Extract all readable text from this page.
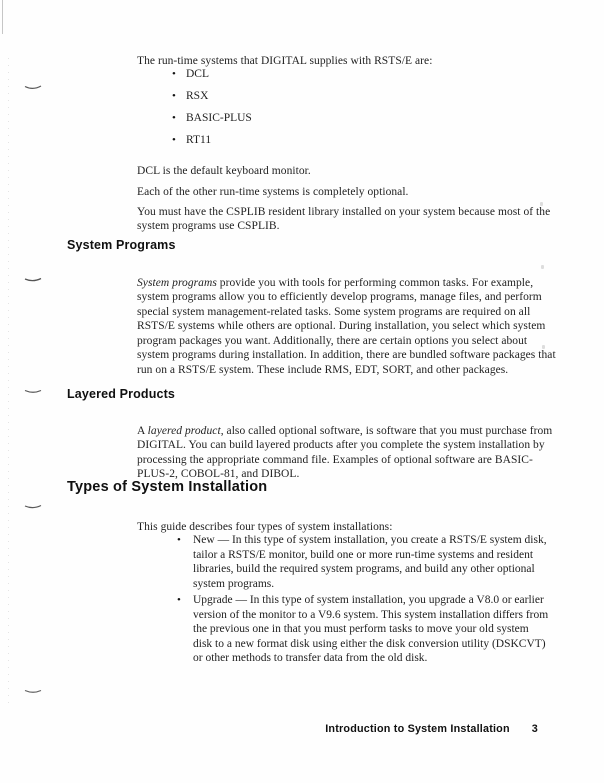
The run-time systems that DIGITAL supplies with RSTS/E are:

• DCL
• RSX
• BASIC-PLUS
• RT11

DCL is the default keyboard monitor.

Each of the other run-time systems is completely optional.

You must have the CSPLIB resident library installed on your system because most of the system programs use CSPLIB.

System Programs

System programs provide you with tools for performing common tasks. For example, system programs allow you to efficiently develop programs, manage files, and perform special system management-related tasks. Some system programs are required on all RSTS/E systems while others are optional. During installation, you select which system program packages you want. Additionally, there are certain options you select about system programs during installation. In addition, there are bundled software packages that run on a RSTS/E system. These include RMS, EDT, SORT, and other packages.

Layered Products

A layered product, also called optional software, is software that you must purchase from DIGITAL. You can build layered products after you complete the system installation by processing the appropriate command file. Examples of optional software are BASIC-PLUS-2, COBOL-81, and DIBOL.

Types of System Installation

This guide describes four types of system installations:

•	New — In this type of system installation, you create a RSTS/E system disk, tailor a RSTS/E monitor, build one or more run-time systems and resident libraries, build the required system programs, and build any other optional system programs.
•	Upgrade — In this type of system installation, you upgrade a V8.0 or earlier version of the monitor to a V9.6 system. This system installation differs from the previous one in that you must perform tasks to move your old system disk to a new format disk using either the disk conversion utility (DSKCVT) or other methods to transfer data from the old disk.
Introduction to System Installation 3
